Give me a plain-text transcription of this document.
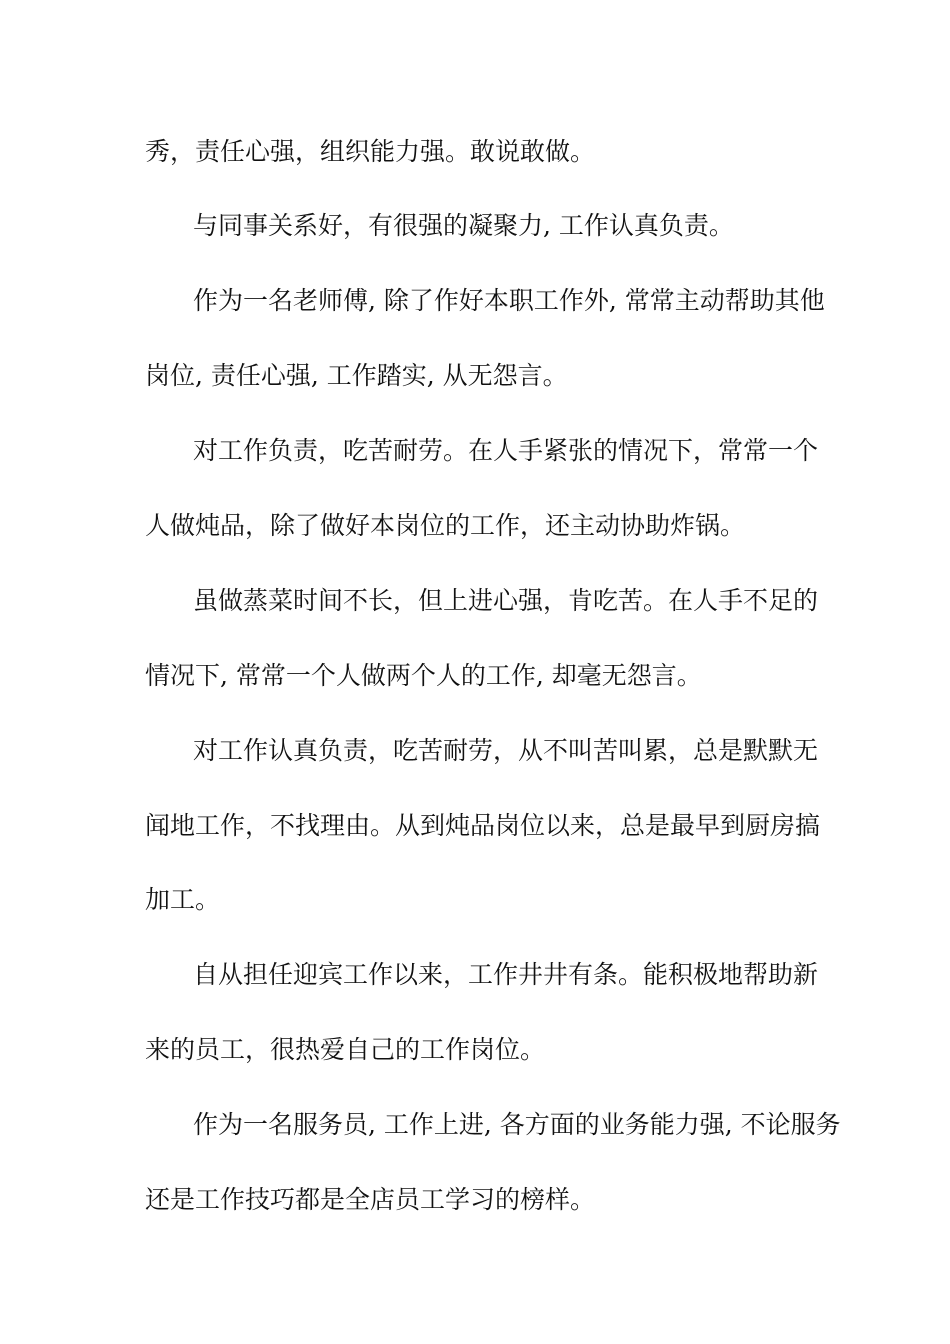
秀，责任心强，组织能力强。敢说敢做。
与同事关系好，有很强的凝聚力, 工作认真负责。
作为一名老师傅, 除了作好本职工作外, 常常主动帮助其他
岗位, 责任心强, 工作踏实, 从无怨言。
对工作负责，吃苦耐劳。在人手紧张的情况下，常常一个
人做炖品，除了做好本岗位的工作，还主动协助炸锅。
虽做蒸菜时间不长，但上进心强，肯吃苦。在人手不足的
情况下, 常常一个人做两个人的工作, 却毫无怨言。
对工作认真负责，吃苦耐劳，从不叫苦叫累，总是默默无
闻地工作，不找理由。从到炖品岗位以来，总是最早到厨房搞
加工。
自从担任迎宾工作以来，工作井井有条。能积极地帮助新
来的员工，很热爱自己的工作岗位。
作为一名服务员, 工作上进, 各方面的业务能力强, 不论服务
还是工作技巧都是全店员工学习的榜样。
